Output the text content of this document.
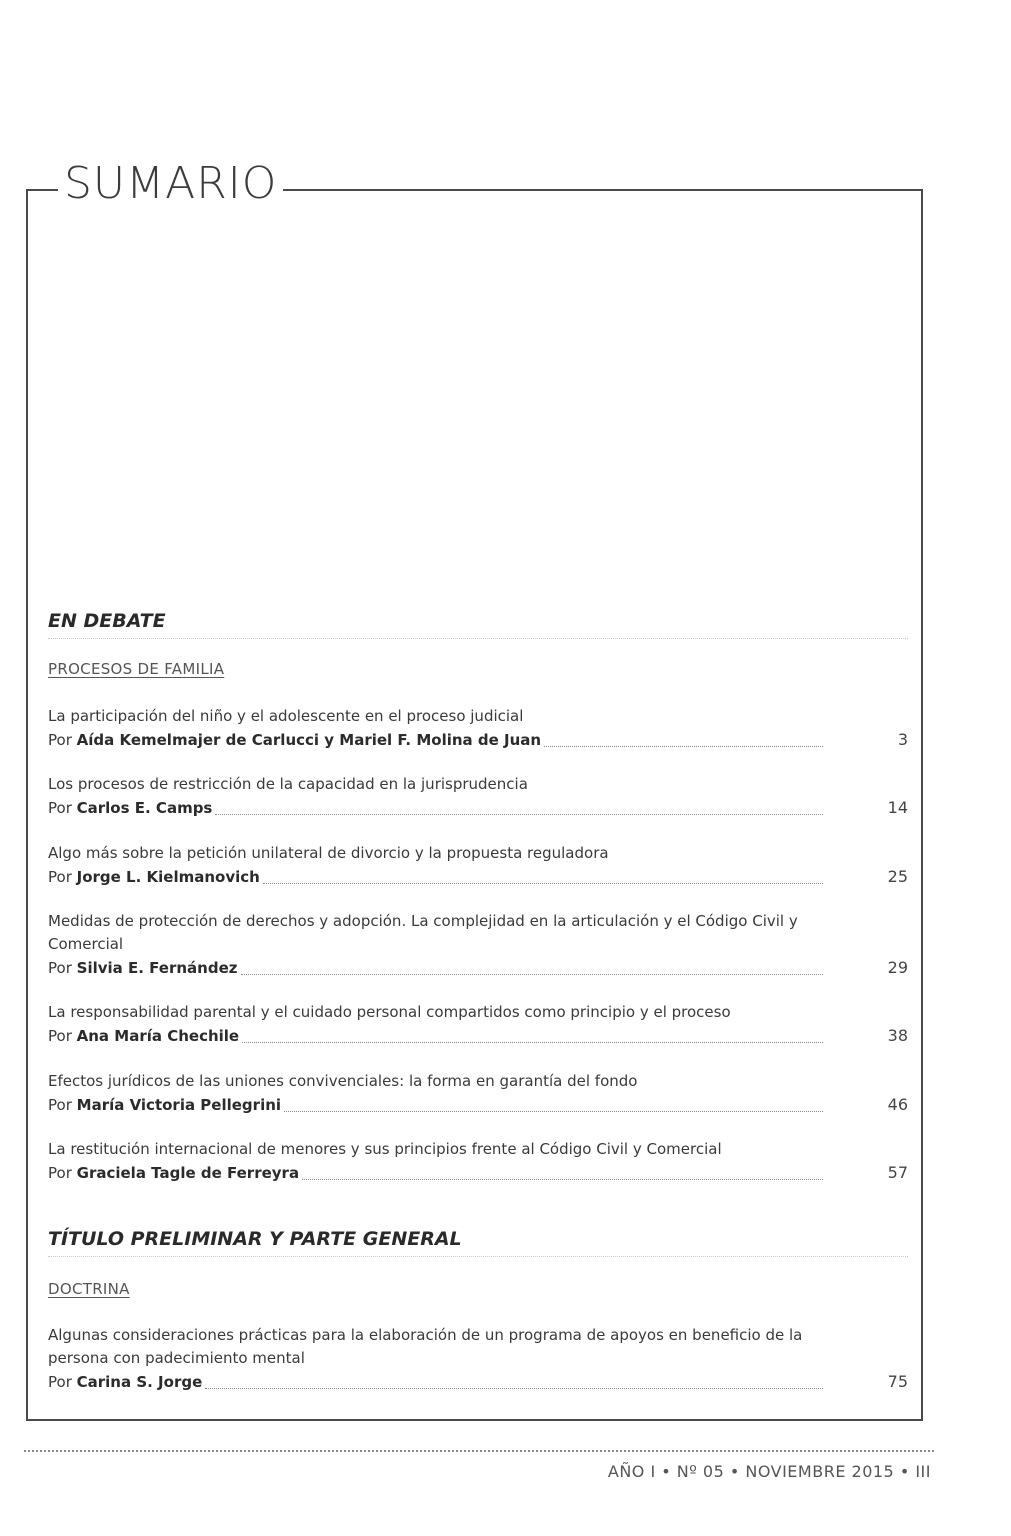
SUMARIO
EN DEBATE
PROCESOS DE FAMILIA
La participación del niño y el adolescente en el proceso judicial
Por
Aída Kemelmajer de Carlucci y Mariel F. Molina de Juan	3
Los procesos de restricción de la capacidad en la jurisprudencia
Por
Carlos E. Camps	14
Algo más sobre la petición unilateral de divorcio y la propuesta reguladora
Por
Jorge L. Kielmanovich	25
Medidas de protección de derechos y adopción. La complejidad en la articulación y el Código Civil y Comercial
Por
Silvia E. Fernández	29
La responsabilidad parental y el cuidado personal compartidos como principio y el proceso
Por
Ana María Chechile	38
Efectos jurídicos de las uniones convivenciales: la forma en garantía del fondo
Por
María Victoria Pellegrini	46
La restitución internacional de menores y sus principios frente al Código Civil y Comercial
Por
Graciela Tagle de Ferreyra	57
TÍTULO PRELIMINAR Y PARTE GENERAL
DOCTRINA
Algunas consideraciones prácticas para la elaboración de un programa de apoyos en beneficio de la persona con padecimiento mental
Por
Carina S. Jorge	75
AÑO I • Nº 05 • NOVIEMBRE 2015 • III
